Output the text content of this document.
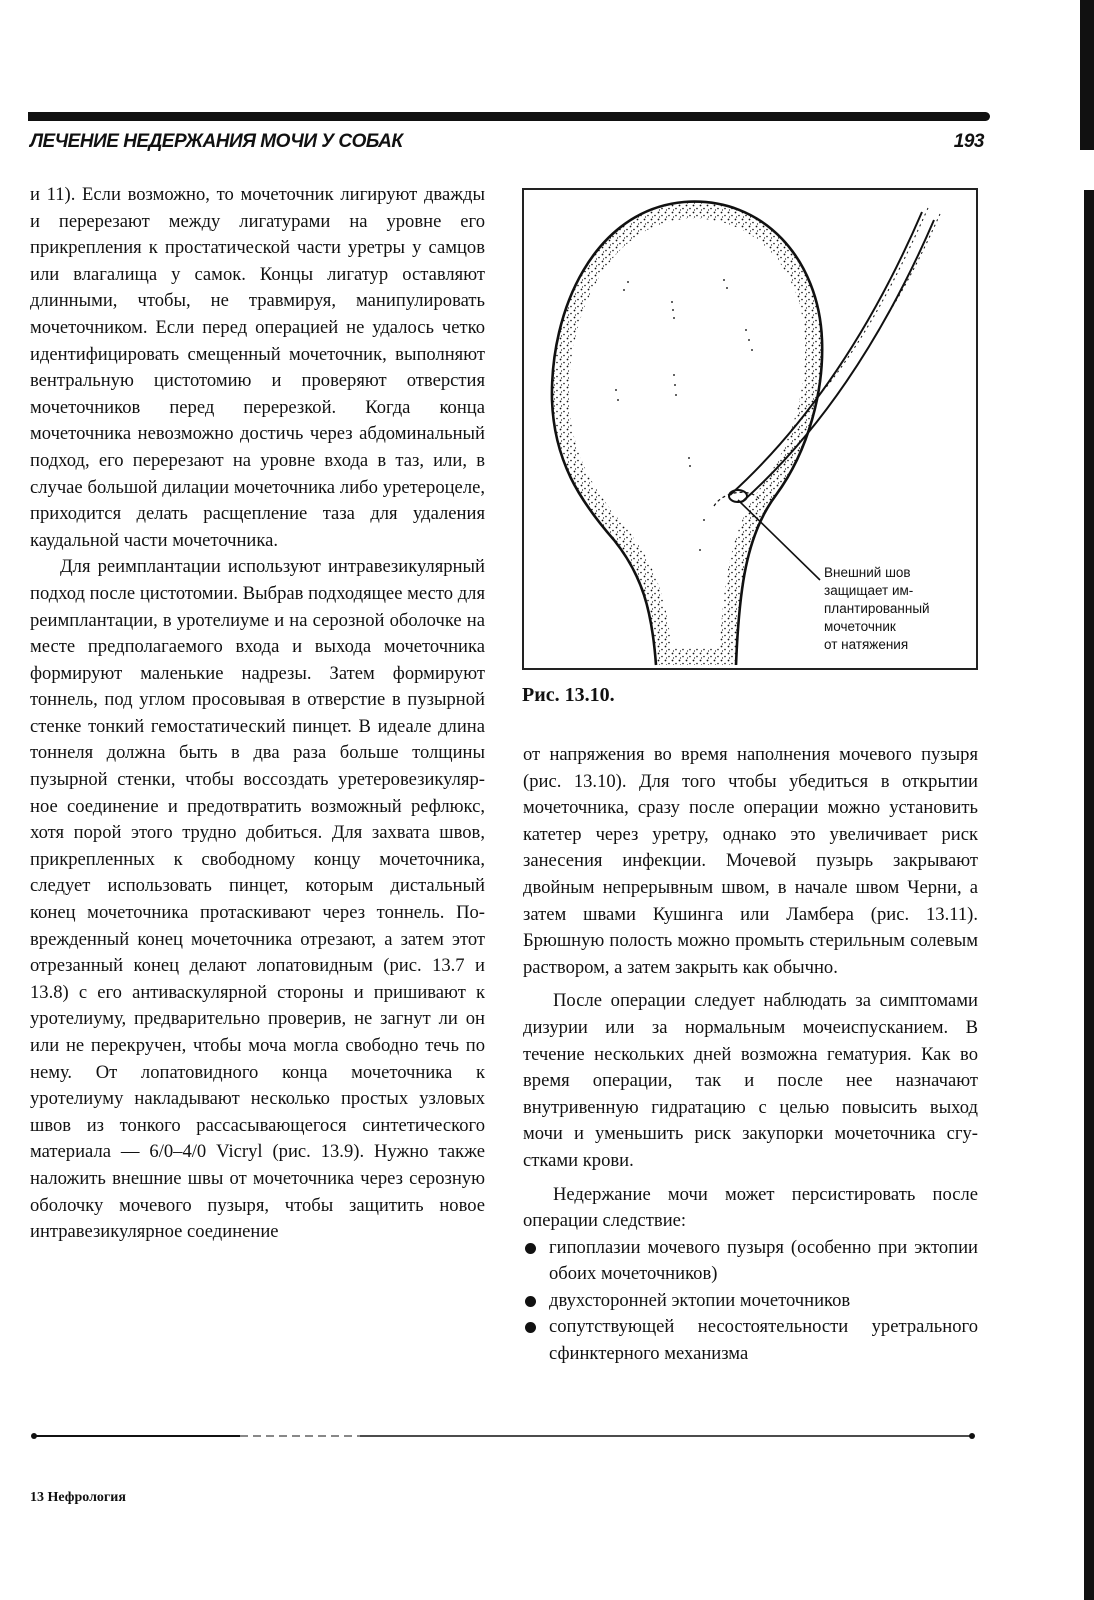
ЛЕЧЕНИЕ НЕДЕРЖАНИЯ МОЧИ У СОБАК	193

и 11). Если возможно, то мочеточник лигируют дважды и перерезают между лигатурами на уровне его прикрепления к простатической части уретры у самцов или влагалища у самок. Концы лигатур оставляют длинными, чтобы, не травмируя, манипулировать мочеточником. Если перед операцией не удалось четко идентифицировать смещенный мочеточник, выполняют вентральную цистотомию и проверяют отверстия мочеточников перед перерезкой. Когда конца мочеточника невозможно достичь через абдоминальный подход, его перерезают на уровне входа в таз, или, в случае большой дилации мочеточника либо уретероцеле, приходится делать расщепление таза для удаления каудальной части мочеточника.

Для реимплантации используют интравезикулярный подход после цистотомии. Выбрав подходящее место для реимплантации, в уротелиуме и на серозной оболочке на месте предполагаемого входа и выхода мочеточника формируют маленькие надрезы. Затем формируют тоннель, под углом просовывая в отверстие в пузырной стенке тонкий гемостатический пинцет. В идеале длина тоннеля должна быть в два раза больше толщины пузырной стенки, чтобы воссоздать уретеровезикулярное соединение и предотвратить возможный рефлюкс, хотя порой этого трудно добиться. Для захвата швов, прикрепленных к свободному концу мочеточника, следует использовать пинцет, которым дистальный конец мочеточника протаскивают через тоннель. Поврежденный конец мочеточника отрезают, а затем этот отрезанный конец делают лопатовидным (рис. 13.7 и 13.8) с его антиваскулярной стороны и пришивают к уротелиуму, предварительно проверив, не загнут ли он или не перекручен, чтобы моча могла свободно течь по нему. От лопатовидного конца мочеточника к уротелиуму накладывают несколько простых узловых швов из тонкого рассасывающегося синтетического материала — 6/0–4/0 Vicryl (рис. 13.9). Нужно также наложить внешние швы от мочеточника через серозную оболочку мочевого пузыря, чтобы защитить новое интравезикулярное соединение

Внешний шов
защищает им-
плантированный
мочеточник
от натяжения
Рис. 13.10.

от напряжения во время наполнения мочевого пузыря (рис. 13.10). Для того чтобы убедиться в открытии мочеточника, сразу после операции можно установить катетер через уретру, однако это увеличивает риск занесения инфекции. Мочевой пузырь закрывают двойным непрерывным швом, в начале швом Черни, а затем швами Кушинга или Ламбера (рис. 13.11). Брюшную полость можно промыть стерильным солевым раствором, а затем закрыть как обычно.

После операции следует наблюдать за симптомами дизурии или за нормальным мочеиспусканием. В течение нескольких дней возможна гематурия. Как во время операции, так и после нее назначают внутривенную гидратацию с целью повысить выход мочи и уменьшить риск закупорки мочеточника сгустками крови.

Недержание мочи может персистировать после операции следствие:

гипоплазии мочевого пузыря (особенно при эктопии обоих мочеточников)
двухсторонней эктопии мочеточников
сопутствующей несостоятельности уретрального сфинктерного механизма
13 Нефрология
